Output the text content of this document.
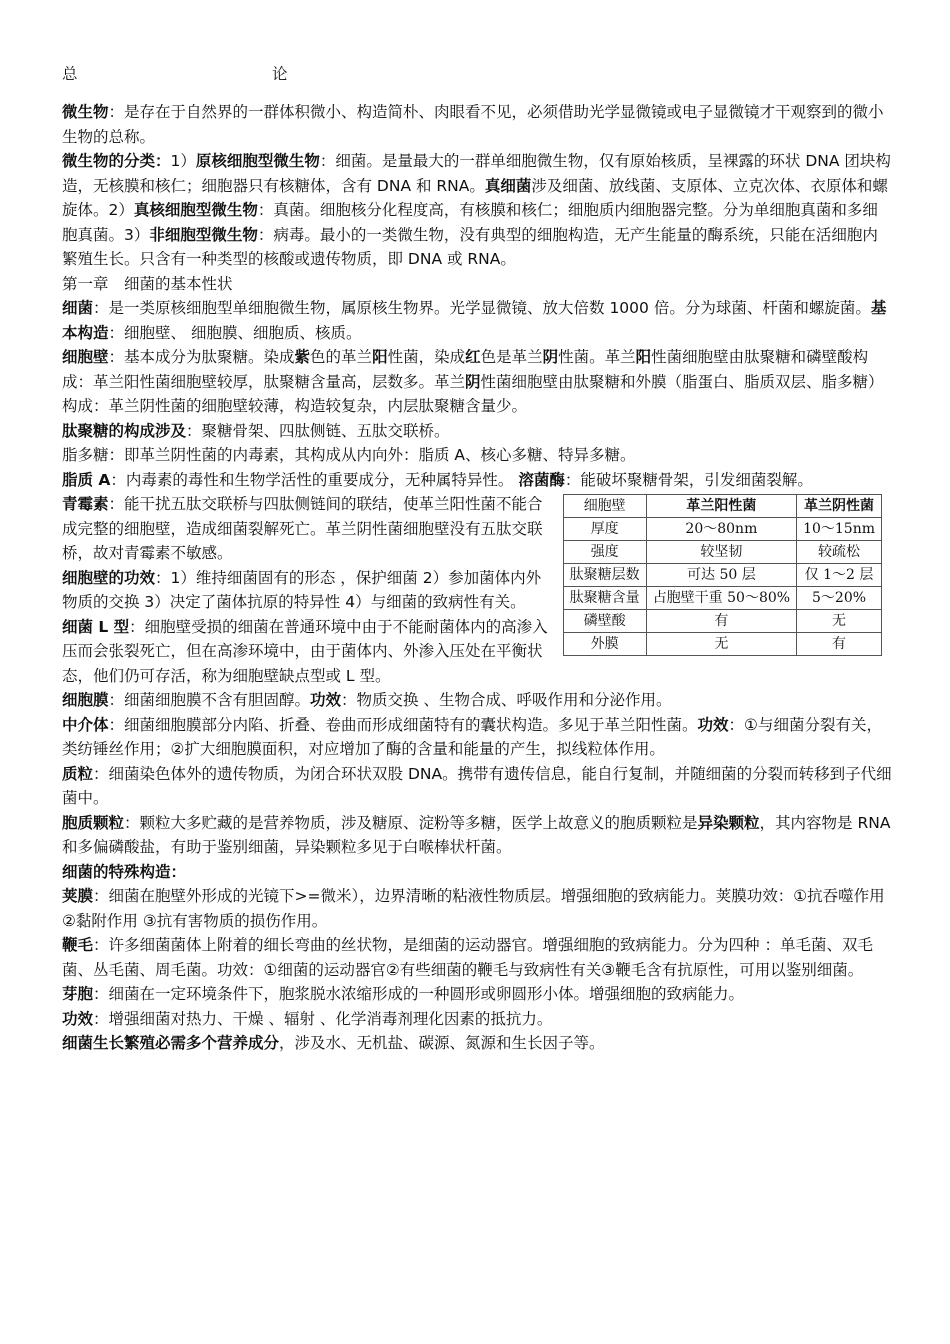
总	论

微生物：是存在于自然界的一群体积微小、构造简朴、肉眼看不见，必须借助光学显微镜或电子显微镜才干观察到的微小生物的总称。

微生物的分类：1）原核细胞型微生物：细菌。是量最大的一群单细胞微生物，仅有原始核质，呈裸露的环状 DNA 团块构造，无核膜和核仁；细胞器只有核糖体，含有 DNA 和 RNA。真细菌涉及细菌、放线菌、支原体、立克次体、衣原体和螺旋体。2）真核细胞型微生物：真菌。细胞核分化程度高，有核膜和核仁；细胞质内细胞器完整。分为单细胞真菌和多细胞真菌。3）非细胞型微生物：病毒。最小的一类微生物，没有典型的细胞构造，无产生能量的酶系统，只能在活细胞内繁殖生长。只含有一种类型的核酸或遗传物质，即 DNA 或 RNA。

第一章　细菌的基本性状

细菌：是一类原核细胞型单细胞微生物，属原核生物界。光学显微镜、放大倍数 1000 倍。分为球菌、杆菌和螺旋菌。基本构造：细胞壁、 细胞膜、细胞质、核质。

细胞壁：基本成分为肽聚糖。染成紫色的革兰阳性菌，染成红色是革兰阴性菌。革兰阳性菌细胞壁由肽聚糖和磷壁酸构成：革兰阳性菌细胞壁较厚，肽聚糖含量高，层数多。革兰阴性菌细胞壁由肽聚糖和外膜（脂蛋白、脂质双层、脂多糖）构成：革兰阴性菌的细胞壁较薄，构造较复杂，内层肽聚糖含量少。

肽聚糖的构成涉及：聚糖骨架、四肽侧链、五肽交联桥。

脂多糖：即革兰阴性菌的内毒素，其构成从内向外：脂质 A、核心多糖、特异多糖。

脂质 A：内毒素的毒性和生物学活性的重要成分，无种属特异性。 溶菌酶：能破坏聚糖骨架，引发细菌裂解。

细胞壁	革兰阳性菌	革兰阴性菌
厚度	20～80nm	10～15nm
强度	较坚韧	较疏松
肽聚糖层数	可达 50 层	仅 1～2 层
肽聚糖含量	占胞壁干重 50～80%	5～20%
磷壁酸	有	无
外膜	无	有

青霉素：能干扰五肽交联桥与四肽侧链间的联结，使革兰阳性菌不能合成完整的细胞壁，造成细菌裂解死亡。革兰阴性菌细胞壁没有五肽交联桥，故对青霉素不敏感。

细胞壁的功效：1）维持细菌固有的形态 ，保护细菌 2）参加菌体内外物质的交换 3）决定了菌体抗原的特异性 4）与细菌的致病性有关。

细菌 L 型：细胞壁受损的细菌在普通环境中由于不能耐菌体内的高渗入压而会张裂死亡，但在高渗环境中，由于菌体内、外渗入压处在平衡状态，他们仍可存活，称为细胞壁缺点型或 L 型。

细胞膜：细菌细胞膜不含有胆固醇。功效：物质交换 、生物合成、呼吸作用和分泌作用。

中介体：细菌细胞膜部分内陷、折叠、卷曲而形成细菌特有的囊状构造。多见于革兰阳性菌。功效：①与细菌分裂有关，类纺锤丝作用；②扩大细胞膜面积，对应增加了酶的含量和能量的产生，拟线粒体作用。

质粒：细菌染色体外的遗传物质，为闭合环状双股 DNA。携带有遗传信息，能自行复制，并随细菌的分裂而转移到子代细菌中。

胞质颗粒：颗粒大多贮藏的是营养物质，涉及糖原、淀粉等多糖，医学上故意义的胞质颗粒是异染颗粒，其内容物是 RNA 和多偏磷酸盐，有助于鉴别细菌，异染颗粒多见于白喉棒状杆菌。

细菌的特殊构造：

荚膜：细菌在胞壁外形成的光镜下>=微米），边界清晰的粘液性物质层。增强细胞的致病能力。荚膜功效：①抗吞噬作用 ②黏附作用 ③抗有害物质的损伤作用。

鞭毛：许多细菌菌体上附着的细长弯曲的丝状物，是细菌的运动器官。增强细胞的致病能力。分为四种 ：单毛菌、双毛菌、丛毛菌、周毛菌。功效：①细菌的运动器官②有些细菌的鞭毛与致病性有关③鞭毛含有抗原性，可用以鉴别细菌。

芽胞：细菌在一定环境条件下，胞浆脱水浓缩形成的一种圆形或卵圆形小体。增强细胞的致病能力。

功效：增强细菌对热力、干燥 、辐射 、化学消毒剂理化因素的抵抗力。

细菌生长繁殖必需多个营养成分，涉及水、无机盐、碳源、氮源和生长因子等。
